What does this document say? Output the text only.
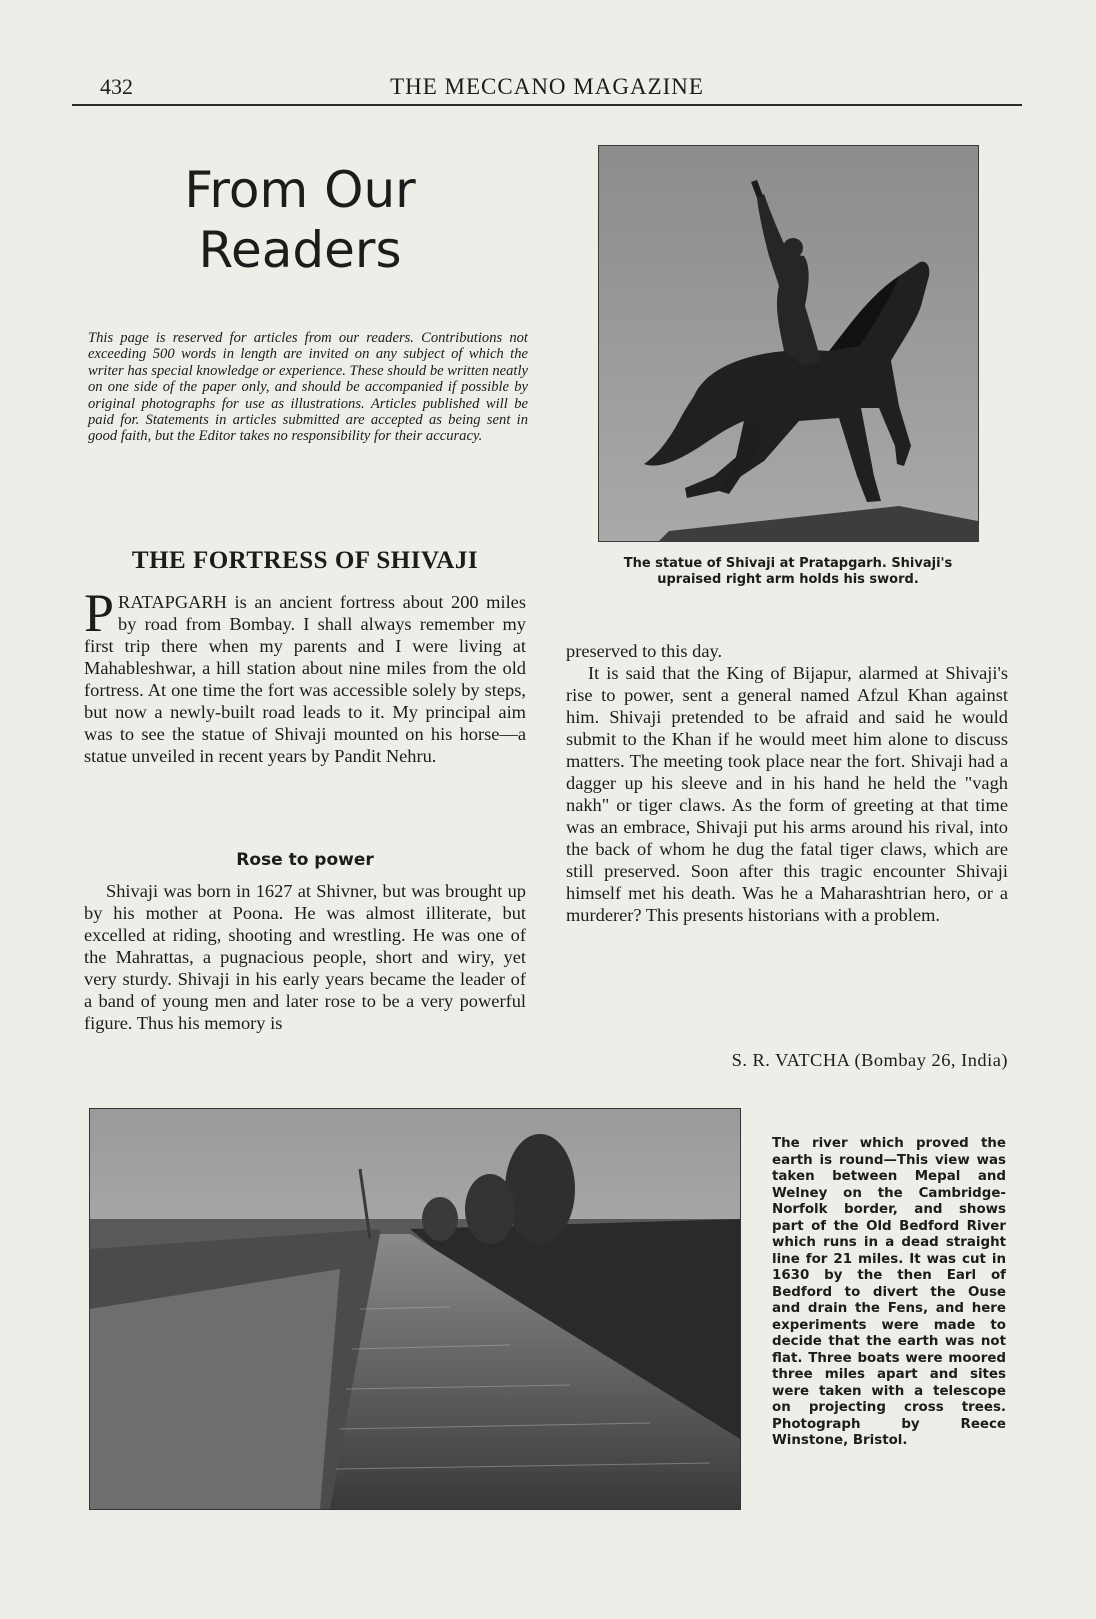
432	THE MECCANO MAGAZINE
From Our
Readers
This page is reserved for articles from our readers. Contributions not exceeding 500 words in length are invited on any subject of which the writer has special knowledge or experience. These should be written neatly on one side of the paper only, and should be accompanied if possible by original photographs for use as illustrations. Articles published will be paid for. Statements in articles submitted are accepted as being sent in good faith, but the Editor takes no responsibility for their accuracy.
The statue of Shivaji at Pratapgarh. Shivaji's upraised right arm holds his sword.
THE FORTRESS OF SHIVAJI

PRATAPGARH is an ancient fortress about 200 miles by road from Bombay. I shall always remember my first trip there when my parents and I were living at Mahableshwar, a hill station about nine miles from the old fortress. At one time the fort was accessible solely by steps, but now a newly-built road leads to it. My principal aim was to see the statue of Shivaji mounted on his horse—a statue unveiled in recent years by Pandit Nehru.

Rose to power

Shivaji was born in 1627 at Shivner, but was brought up by his mother at Poona. He was almost illiterate, but excelled at riding, shooting and wrestling. He was one of the Mahrattas, a pugnacious people, short and wiry, yet very sturdy. Shivaji in his early years became the leader of a band of young men and later rose to be a very powerful figure. Thus his memory is

preserved to this day.

It is said that the King of Bijapur, alarmed at Shivaji's rise to power, sent a general named Afzul Khan against him. Shivaji pretended to be afraid and said he would submit to the Khan if he would meet him alone to discuss matters. The meeting took place near the fort. Shivaji had a dagger up his sleeve and in his hand he held the "vagh nakh" or tiger claws. As the form of greeting at that time was an embrace, Shivaji put his arms around his rival, into the back of whom he dug the fatal tiger claws, which are still preserved. Soon after this tragic encounter Shivaji himself met his death. Was he a Maharashtrian hero, or a murderer? This presents historians with a problem.

S. R. VATCHA (Bombay 26, India)
The river which proved the earth is round—This view was taken between Mepal and Welney on the Cambridge-Norfolk border, and shows part of the Old Bedford River which runs in a dead straight line for 21 miles. It was cut in 1630 by the then Earl of Bedford to divert the Ouse and drain the Fens, and here experiments were made to decide that the earth was not flat. Three boats were moored three miles apart and sites were taken with a telescope on projecting cross trees. Photograph by Reece Winstone, Bristol.
